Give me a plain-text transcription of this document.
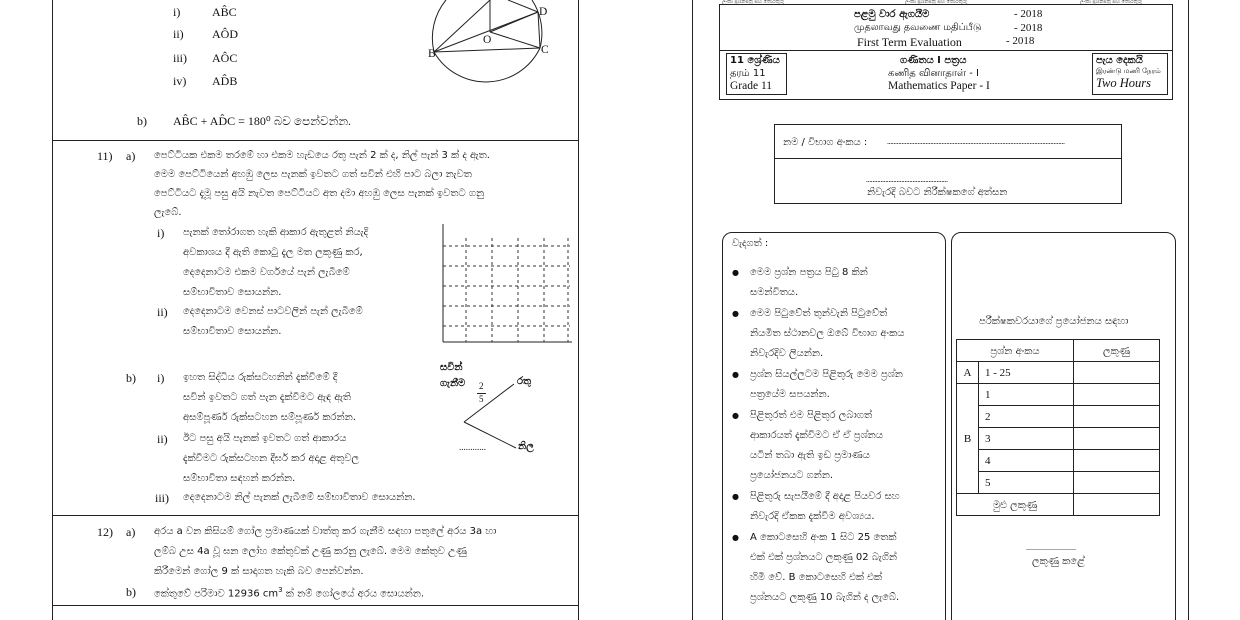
i)	AB̂C
ii) AÔD
iii) AÔC
iv) AD̂B
D
O
C
B
b) AB̂C + AD̂C = 180⁰ බව පෙන්වන්න.
11) a) පෙට්ටියක එකම තරමේ හා එකම හැඩයෙ රතු පැන් 2 ක් ද, නිල් පැන් 3 ක් ද ඇත.
මෙම පෙට්ටියෙන් අහඹු ලෙස පැනක් ඉවතට ගත් සවින් එහි පාට බලා නැවත
පෙට්ටියට දැමූ පසු අයි නැවත පෙට්ටියට අත දමා අහඹු ලෙස පැනක් ඉවතට ගනු
ලැබේ.
i) පැනක් තෝරාගත හැකි ආකාර ඇතුළත් නියැදි
අවකාශය දී ඇති කොටු දැල මත ලකුණු කර,
දෙදෙනාටම එකම වර්ගයේ පැන් ලැබීමේ
සම්භාවිතාව සොයන්න.
ii) දෙදෙනාටම වෙනස් පාටවලින් පැන් ලැබීමේ
සම්භාවිතාව සොයන්න.
b) i) ඉහත සිද්ධිය රුක්සටහනින් දැක්වීමේ දී
සවින් ඉවතට ගත් පැන දැක්වීමට ඇඳ ඇති
අසම්පූර්ණ රුක්සටහන සම්පූර්ණ කරන්න.
ii) ඊට පසු අයි පැනක් ඉවතට ගත් ආකාරය
දැක්වීමට රුක්සටහන දීර්ඝ කර අදාළ අතුවල
සම්භාවිතා සඳහන් කරන්න.
iii) දෙදෙනාටම නිල් පැනක් ලැබීමේ සම්භාවිතාව සොයන්න.
සවින්
ගැනීම 2
5
රතු
නිල
............
12) a) අරය a වන කිසියම් ගෝල ප්‍රමාණයක් වාත්තු කර ගැනීම සඳහා පතුලේ අරය 3a හා
ලම්බ උස 4a වූ ඝන ලෝහ කේතුවක් උණු කරනු ලැබේ. මෙම කේතුව උණු
කිරීමෙන් ගෝල 9 ක් සාදාගත හැකි බව පෙන්වන්න.
b) කේතුවේ පරිමාව 12936 $cm^3$ ක් නම් ගෝලයේ අරය සොයන්න.
ලංකා ප්‍රශ්නපත්‍ර සහ තොරතුරු	ලංකා ප්‍රශ්නපත්‍ර සහ තොරතුරු	ලංකා ප්‍රශ්නපත්‍ර සහ තොරතුරු
පළමු වාර ඇගයීම	- 2018
முதலாவது தவணை மதிப்பீடு	- 2018
First Term Evaluation	- 2018
11 ශ්‍රේණිය
தரம் 11
Grade 11
ගණිතය I පත්‍රය
கணித வினாதாள் - I
Mathematics Paper - I
පැය දෙකයි
இரண்டு மணி நேரம்
Two Hours
නම / විභාග අංකය : ...............................................................................................................
...................................................
නිවැරදි බවට නිරීක්ෂකගේ අත්සන
වැදගත් :
● මෙම ප්‍රශ්න පත්‍රය පිටු 8 කින්
සමන්විතය.
● මෙම පිටුවේත් තුන්වැනි පිටුවේත්
නියමිත ස්ථානවල ඔබේ විභාග අංකය
නිවැරදිව ලියන්න.
● ප්‍රශ්න සියල්ලටම පිළිතුරු මෙම ප්‍රශ්න
පත්‍රයේම සපයන්න.
● පිළිතුරත් එම පිළිතුර ලබාගත්
ආකාරයත් දැක්වීමට ඒ ඒ ප්‍රශ්නය
යටින් තබා ඇති ඉඩ ප්‍රමාණය
ප්‍රයෝජනයට ගන්න.
● පිළිතුරු සැපයීමේ දී අදාළ පියවර සහ
නිවැරදි ඒකක දැක්වීම අවශ්‍යය.
● A කොටසෙහි අංක 1 සිට 25 තෙක්
එක් එක් ප්‍රශ්නයට ලකුණු 02 බැගින්
හිමි වේ. B කොටසෙහි එක් එක්
ප්‍රශ්නයට ලකුණු 10 බැගින් ද ලැබේ.
පරීක්ෂකවරයාගේ ප්‍රයෝජනය සඳහා
ප්‍රශ්න අංකය		ලකුණු
A	1 - 25	
B	1	
	2	
	3	
	4	
	5	
මුළු ලකුණු		
.........................
ලකුණු කළේ
